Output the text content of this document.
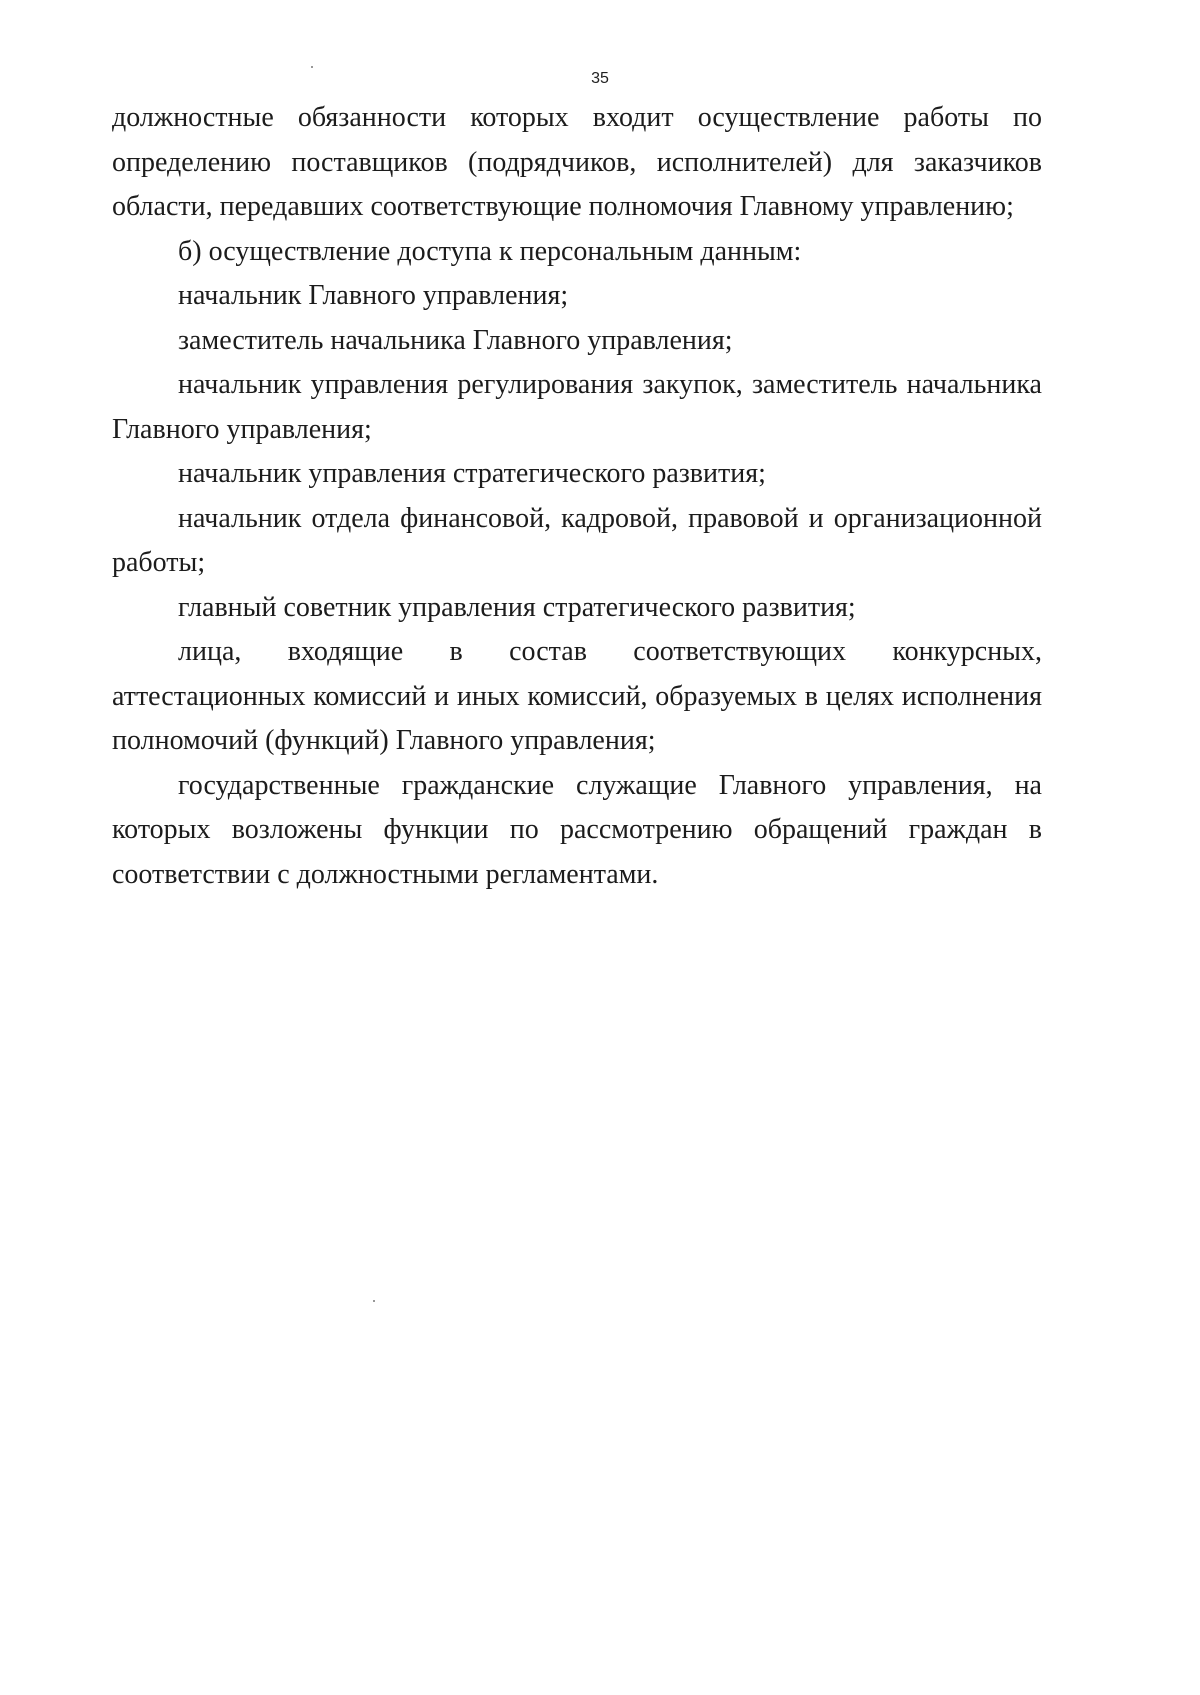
35

должностные обязанности которых входит осуществление работы по определению поставщиков (подрядчиков, исполнителей) для заказчиков области, передавших соответствующие полномочия Главному управлению;

б) осуществление доступа к персональным данным:

начальник Главного управления;

заместитель начальника Главного управления;

начальник управления регулирования закупок, заместитель начальника Главного управления;

начальник управления стратегического развития;

начальник отдела финансовой, кадровой, правовой и организационной работы;

главный советник управления стратегического развития;

лица, входящие в состав соответствующих конкурсных, аттестационных комиссий и иных комиссий, образуемых в целях исполнения полномочий (функций) Главного управления;

государственные гражданские служащие Главного управления, на которых возложены функции по рассмотрению обращений граждан в соответствии с должностными регламентами.
